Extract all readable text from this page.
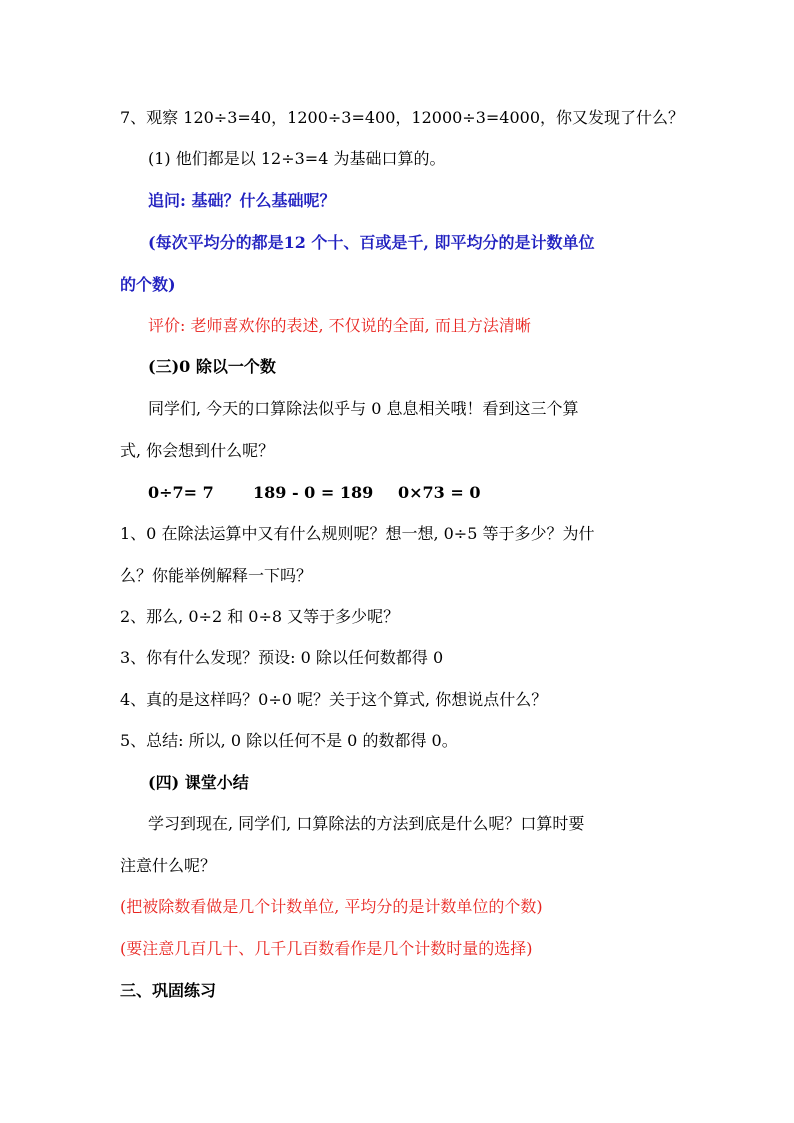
7、观察 120÷3=40，1200÷3=400，12000÷3=4000，你又发现了什么？
(1) 他们都是以 12÷3=4 为基础口算的。
追问: 基础？什么基础呢？
(每次平均分的都是12 个十、百或是千, 即平均分的是计数单位
的个数)
评价: 老师喜欢你的表述, 不仅说的全面, 而且方法清晰
(三)0 除以一个数
同学们, 今天的口算除法似乎与 0 息息相关哦！看到这三个算
式, 你会想到什么呢？
0÷7= 7 189 - 0 = 189 0×73 = 0
1、0 在除法运算中又有什么规则呢？想一想, 0÷5 等于多少？为什
么？你能举例解释一下吗？
2、那么, 0÷2 和 0÷8 又等于多少呢？
3、你有什么发现？预设: 0 除以任何数都得 0
4、真的是这样吗？0÷0 呢？关于这个算式, 你想说点什么？
5、总结: 所以, 0 除以任何不是 0 的数都得 0。
(四) 课堂小结
学习到现在, 同学们, 口算除法的方法到底是什么呢？口算时要
注意什么呢？
(把被除数看做是几个计数单位, 平均分的是计数单位的个数)
(要注意几百几十、几千几百数看作是几个计数时量的选择)
三、巩固练习
